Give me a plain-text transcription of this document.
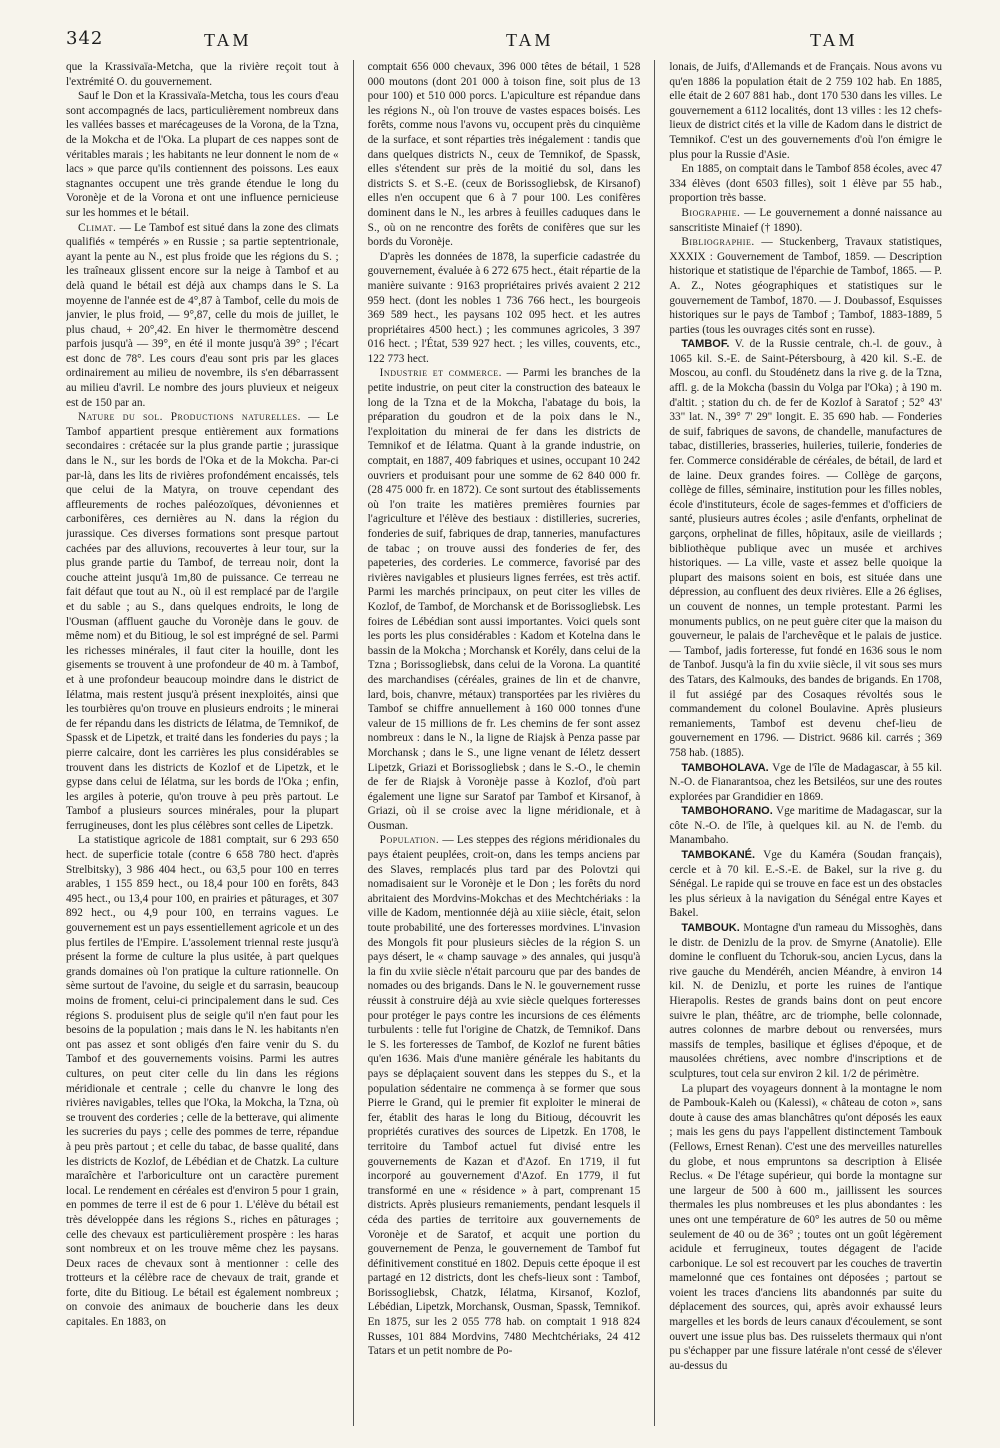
342	TAM	TAM	TAM

que la Krassivaïa-Metcha, que la rivière reçoit tout à l'extrémité O. du gouvernement.

Sauf le Don et la Krassivaïa-Metcha, tous les cours d'eau sont accompagnés de lacs, particulièrement nombreux dans les vallées basses et marécageuses de la Vorona, de la Tzna, de la Mokcha et de l'Oka. La plupart de ces nappes sont de véritables marais ; les habitants ne leur donnent le nom de « lacs » que parce qu'ils contiennent des poissons. Les eaux stagnantes occupent une très grande étendue le long du Voronèje et de la Vorona et ont une influence pernicieuse sur les hommes et le bétail.

Climat. — Le Tambof est situé dans la zone des climats qualifiés « tempérés » en Russie ; sa partie septentrionale, ayant la pente au N., est plus froide que les régions du S. ; les traîneaux glissent encore sur la neige à Tambof et au delà quand le bétail est déjà aux champs dans le S. La moyenne de l'année est de 4°,87 à Tambof, celle du mois de janvier, le plus froid, — 9°,87, celle du mois de juillet, le plus chaud, + 20°,42. En hiver le thermomètre descend parfois jusqu'à — 39°, en été il monte jusqu'à 39° ; l'écart est donc de 78°. Les cours d'eau sont pris par les glaces ordinairement au milieu de novembre, ils s'en débarrassent au milieu d'avril. Le nombre des jours pluvieux et neigeux est de 150 par an.

Nature du sol. Productions naturelles. — Le Tambof appartient presque entièrement aux formations secondaires : crétacée sur la plus grande partie ; jurassique dans le N., sur les bords de l'Oka et de la Mokcha. Par-ci par-là, dans les lits de rivières profondément encaissés, tels que celui de la Matyra, on trouve cependant des affleurements de roches paléozoïques, dévoniennes et carbonifères, ces dernières au N. dans la région du jurassique. Ces diverses formations sont presque partout cachées par des alluvions, recouvertes à leur tour, sur la plus grande partie du Tambof, de terreau noir, dont la couche atteint jusqu'à 1m,80 de puissance. Ce terreau ne fait défaut que tout au N., où il est remplacé par de l'argile et du sable ; au S., dans quelques endroits, le long de l'Ousman (affluent gauche du Voronèje dans le gouv. de même nom) et du Bitioug, le sol est imprégné de sel. Parmi les richesses minérales, il faut citer la houille, dont les gisements se trouvent à une profondeur de 40 m. à Tambof, et à une profondeur beaucoup moindre dans le district de Iélatma, mais restent jusqu'à présent inexploités, ainsi que les tourbières qu'on trouve en plusieurs endroits ; le minerai de fer répandu dans les districts de Iélatma, de Temnikof, de Spassk et de Lipetzk, et traité dans les fonderies du pays ; la pierre calcaire, dont les carrières les plus considérables se trouvent dans les districts de Kozlof et de Lipetzk, et le gypse dans celui de Iélatma, sur les bords de l'Oka ; enfin, les argiles à poterie, qu'on trouve à peu près partout. Le Tambof a plusieurs sources minérales, pour la plupart ferrugineuses, dont les plus célèbres sont celles de Lipetzk.

La statistique agricole de 1881 comptait, sur 6 293 650 hect. de superficie totale (contre 6 658 780 hect. d'après Strelbitsky), 3 986 404 hect., ou 63,5 pour 100 en terres arables, 1 155 859 hect., ou 18,4 pour 100 en forêts, 843 495 hect., ou 13,4 pour 100, en prairies et pâturages, et 307 892 hect., ou 4,9 pour 100, en terrains vagues. Le gouvernement est un pays essentiellement agricole et un des plus fertiles de l'Empire. L'assolement triennal reste jusqu'à présent la forme de culture la plus usitée, à part quelques grands domaines où l'on pratique la culture rationnelle. On sème surtout de l'avoine, du seigle et du sarrasin, beaucoup moins de froment, celui-ci principalement dans le sud. Ces régions S. produisent plus de seigle qu'il n'en faut pour les besoins de la population ; mais dans le N. les habitants n'en ont pas assez et sont obligés d'en faire venir du S. du Tambof et des gouvernements voisins. Parmi les autres cultures, on peut citer celle du lin dans les régions méridionale et centrale ; celle du chanvre le long des rivières navigables, telles que l'Oka, la Mokcha, la Tzna, où se trouvent des corderies ; celle de la betterave, qui alimente les sucreries du pays ; celle des pommes de terre, répandue à peu près partout ; et celle du tabac, de basse qualité, dans les districts de Kozlof, de Lébédian et de Chatzk. La culture maraîchère et l'arboriculture ont un caractère purement local. Le rendement en céréales est d'environ 5 pour 1 grain, en pommes de terre il est de 6 pour 1. L'élève du bétail est très développée dans les régions S., riches en pâturages ; celle des chevaux est particulièrement prospère : les haras sont nombreux et on les trouve même chez les paysans. Deux races de chevaux sont à mentionner : celle des trotteurs et la célèbre race de chevaux de trait, grande et forte, dite du Bitioug. Le bétail est également nombreux ; on convoie des animaux de boucherie dans les deux capitales. En 1883, on

comptait 656 000 chevaux, 396 000 têtes de bétail, 1 528 000 moutons (dont 201 000 à toison fine, soit plus de 13 pour 100) et 510 000 porcs. L'apiculture est répandue dans les régions N., où l'on trouve de vastes espaces boisés. Les forêts, comme nous l'avons vu, occupent près du cinquième de la surface, et sont réparties très inégalement : tandis que dans quelques districts N., ceux de Temnikof, de Spassk, elles s'étendent sur près de la moitié du sol, dans les districts S. et S.-E. (ceux de Borissogliebsk, de Kirsanof) elles n'en occupent que 6 à 7 pour 100. Les conifères dominent dans le N., les arbres à feuilles caduques dans le S., où on ne rencontre des forêts de conifères que sur les bords du Voronèje.

D'après les données de 1878, la superficie cadastrée du gouvernement, évaluée à 6 272 675 hect., était répartie de la manière suivante : 9163 propriétaires privés avaient 2 212 959 hect. (dont les nobles 1 736 766 hect., les bourgeois 369 589 hect., les paysans 102 095 hect. et les autres propriétaires 4500 hect.) ; les communes agricoles, 3 397 016 hect. ; l'État, 539 927 hect. ; les villes, couvents, etc., 122 773 hect.

Industrie et commerce. — Parmi les branches de la petite industrie, on peut citer la construction des bateaux le long de la Tzna et de la Mokcha, l'abatage du bois, la préparation du goudron et de la poix dans le N., l'exploitation du minerai de fer dans les districts de Temnikof et de Iélatma. Quant à la grande industrie, on comptait, en 1887, 409 fabriques et usines, occupant 10 242 ouvriers et produisant pour une somme de 62 840 000 fr. (28 475 000 fr. en 1872). Ce sont surtout des établissements où l'on traite les matières premières fournies par l'agriculture et l'élève des bestiaux : distilleries, sucreries, fonderies de suif, fabriques de drap, tanneries, manufactures de tabac ; on trouve aussi des fonderies de fer, des papeteries, des corderies. Le commerce, favorisé par des rivières navigables et plusieurs lignes ferrées, est très actif. Parmi les marchés principaux, on peut citer les villes de Kozlof, de Tambof, de Morchansk et de Borissogliebsk. Les foires de Lébédian sont aussi importantes. Voici quels sont les ports les plus considérables : Kadom et Kotelna dans le bassin de la Mokcha ; Morchansk et Korély, dans celui de la Tzna ; Borissogliebsk, dans celui de la Vorona. La quantité des marchandises (céréales, graines de lin et de chanvre, lard, bois, chanvre, métaux) transportées par les rivières du Tambof se chiffre annuellement à 160 000 tonnes d'une valeur de 15 millions de fr. Les chemins de fer sont assez nombreux : dans le N., la ligne de Riajsk à Penza passe par Morchansk ; dans le S., une ligne venant de Iéletz dessert Lipetzk, Griazi et Borissogliebsk ; dans le S.-O., le chemin de fer de Riajsk à Voronèje passe à Kozlof, d'où part également une ligne sur Saratof par Tambof et Kirsanof, à Griazi, où il se croise avec la ligne méridionale, et à Ousman.

Population. — Les steppes des régions méridionales du pays étaient peuplées, croit-on, dans les temps anciens par des Slaves, remplacés plus tard par des Polovtzi qui nomadisaient sur le Voronèje et le Don ; les forêts du nord abritaient des Mordvins-Mokchas et des Mechtchériaks : la ville de Kadom, mentionnée déjà au xiiie siècle, était, selon toute probabilité, une des forteresses mordvines. L'invasion des Mongols fit pour plusieurs siècles de la région S. un pays désert, le « champ sauvage » des annales, qui jusqu'à la fin du xviie siècle n'était parcouru que par des bandes de nomades ou des brigands. Dans le N. le gouvernement russe réussit à construire déjà au xvie siècle quelques forteresses pour protéger le pays contre les incursions de ces éléments turbulents : telle fut l'origine de Chatzk, de Temnikof. Dans le S. les forteresses de Tambof, de Kozlof ne furent bâties qu'en 1636. Mais d'une manière générale les habitants du pays se déplaçaient souvent dans les steppes du S., et la population sédentaire ne commença à se former que sous Pierre le Grand, qui le premier fit exploiter le minerai de fer, établit des haras le long du Bitioug, découvrit les propriétés curatives des sources de Lipetzk. En 1708, le territoire du Tambof actuel fut divisé entre les gouvernements de Kazan et d'Azof. En 1719, il fut incorporé au gouvernement d'Azof. En 1779, il fut transformé en une « résidence » à part, comprenant 15 districts. Après plusieurs remaniements, pendant lesquels il céda des parties de territoire aux gouvernements de Voronèje et de Saratof, et acquit une portion du gouvernement de Penza, le gouvernement de Tambof fut définitivement constitué en 1802. Depuis cette époque il est partagé en 12 districts, dont les chefs-lieux sont : Tambof, Borissogliebsk, Chatzk, Iélatma, Kirsanof, Kozlof, Lébédian, Lipetzk, Morchansk, Ousman, Spassk, Temnikof. En 1875, sur les 2 055 778 hab. on comptait 1 918 824 Russes, 101 884 Mordvins, 7480 Mechtchériaks, 24 412 Tatars et un petit nombre de Po-

lonais, de Juifs, d'Allemands et de Français. Nous avons vu qu'en 1886 la population était de 2 759 102 hab. En 1885, elle était de 2 607 881 hab., dont 170 530 dans les villes. Le gouvernement a 6112 localités, dont 13 villes : les 12 chefs-lieux de district cités et la ville de Kadom dans le district de Temnikof. C'est un des gouvernements d'où l'on émigre le plus pour la Russie d'Asie.

En 1885, on comptait dans le Tambof 858 écoles, avec 47 334 élèves (dont 6503 filles), soit 1 élève par 55 hab., proportion très basse.

Biographie. — Le gouvernement a donné naissance au sanscritiste Minaief († 1890).

Bibliographie. — Stuckenberg, Travaux statistiques, XXXIX : Gouvernement de Tambof, 1859. — Description historique et statistique de l'éparchie de Tambof, 1865. — P. A. Z., Notes géographiques et statistiques sur le gouvernement de Tambof, 1870. — J. Doubassof, Esquisses historiques sur le pays de Tambof ; Tambof, 1883-1889, 5 parties (tous les ouvrages cités sont en russe).

TAMBOF. V. de la Russie centrale, ch.-l. de gouv., à 1065 kil. S.-E. de Saint-Pétersbourg, à 420 kil. S.-E. de Moscou, au confl. du Stoudénetz dans la rive g. de la Tzna, affl. g. de la Mokcha (bassin du Volga par l'Oka) ; à 190 m. d'altit. ; station du ch. de fer de Kozlof à Saratof ; 52° 43' 33" lat. N., 39° 7' 29" longit. E. 35 690 hab. — Fonderies de suif, fabriques de savons, de chandelle, manufactures de tabac, distilleries, brasseries, huileries, tuilerie, fonderies de fer. Commerce considérable de céréales, de bétail, de lard et de laine. Deux grandes foires. — Collège de garçons, collège de filles, séminaire, institution pour les filles nobles, école d'instituteurs, école de sages-femmes et d'officiers de santé, plusieurs autres écoles ; asile d'enfants, orphelinat de garçons, orphelinat de filles, hôpitaux, asile de vieillards ; bibliothèque publique avec un musée et archives historiques. — La ville, vaste et assez belle quoique la plupart des maisons soient en bois, est située dans une dépression, au confluent des deux rivières. Elle a 26 églises, un couvent de nonnes, un temple protestant. Parmi les monuments publics, on ne peut guère citer que la maison du gouverneur, le palais de l'archevêque et le palais de justice. — Tambof, jadis forteresse, fut fondé en 1636 sous le nom de Tanbof. Jusqu'à la fin du xviie siècle, il vit sous ses murs des Tatars, des Kalmouks, des bandes de brigands. En 1708, il fut assiégé par des Cosaques révoltés sous le commandement du colonel Boulavine. Après plusieurs remaniements, Tambof est devenu chef-lieu de gouvernement en 1796. — District. 9686 kil. carrés ; 369 758 hab. (1885).

TAMBOHOLAVA. Vge de l'île de Madagascar, à 55 kil. N.-O. de Fianarantsoa, chez les Betsiléos, sur une des routes explorées par Grandidier en 1869.

TAMBOHORANO. Vge maritime de Madagascar, sur la côte N.-O. de l'île, à quelques kil. au N. de l'emb. du Manambaho.

TAMBOKANÉ. Vge du Kaméra (Soudan français), cercle et à 70 kil. E.-S.-E. de Bakel, sur la rive g. du Sénégal. Le rapide qui se trouve en face est un des obstacles les plus sérieux à la navigation du Sénégal entre Kayes et Bakel.

TAMBOUK. Montagne d'un rameau du Missoghès, dans le distr. de Denizlu de la prov. de Smyrne (Anatolie). Elle domine le confluent du Tchoruk-sou, ancien Lycus, dans la rive gauche du Mendéréh, ancien Méandre, à environ 14 kil. N. de Denizlu, et porte les ruines de l'antique Hierapolis. Restes de grands bains dont on peut encore suivre le plan, théâtre, arc de triomphe, belle colonnade, autres colonnes de marbre debout ou renversées, murs massifs de temples, basilique et églises d'époque, et de mausolées chrétiens, avec nombre d'inscriptions et de sculptures, tout cela sur environ 2 kil. 1/2 de périmètre.

La plupart des voyageurs donnent à la montagne le nom de Pambouk-Kaleh ou (Kalessi), « château de coton », sans doute à cause des amas blanchâtres qu'ont déposés les eaux ; mais les gens du pays l'appellent distinctement Tambouk (Fellows, Ernest Renan). C'est une des merveilles naturelles du globe, et nous empruntons sa description à Elisée Reclus. « De l'étage supérieur, qui borde la montagne sur une largeur de 500 à 600 m., jaillissent les sources thermales les plus nombreuses et les plus abondantes : les unes ont une température de 60° les autres de 50 ou même seulement de 40 ou de 36° ; toutes ont un goût légèrement acidule et ferrugineux, toutes dégagent de l'acide carbonique. Le sol est recouvert par les couches de travertin mamelonné que ces fontaines ont déposées ; partout se voient les traces d'anciens lits abandonnés par suite du déplacement des sources, qui, après avoir exhaussé leurs margelles et les bords de leurs canaux d'écoulement, se sont ouvert une issue plus bas. Des ruisselets thermaux qui n'ont pu s'échapper par une fissure latérale n'ont cessé de s'élever au-dessus du
